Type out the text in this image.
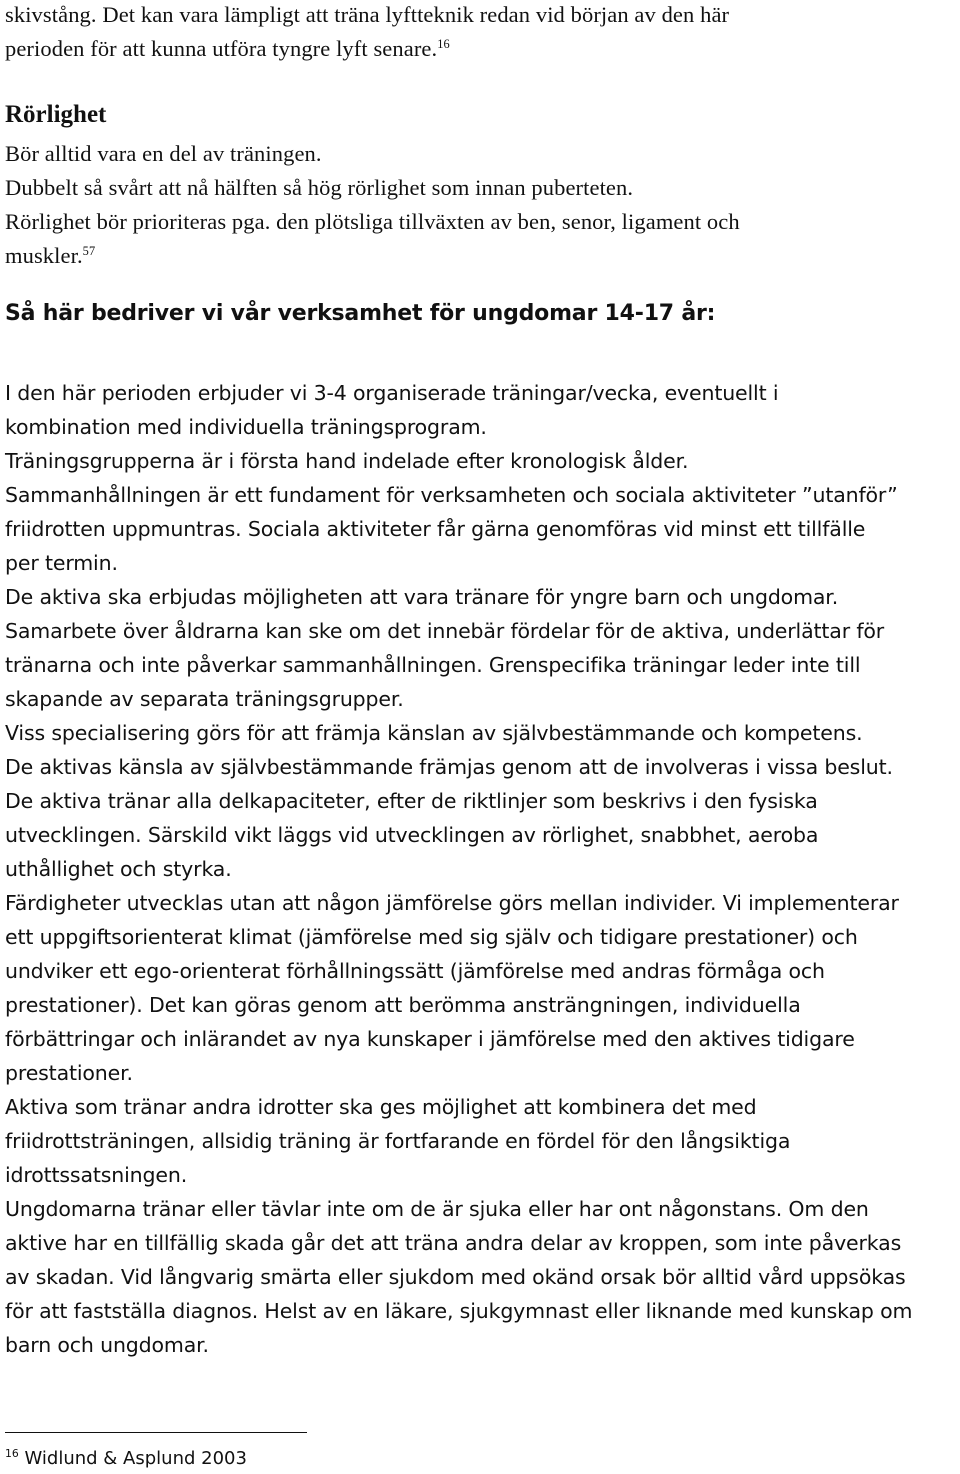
skivstång. Det kan vara lämpligt att träna lyftteknik redan vid början av den här
perioden för att kunna utföra tyngre lyft senare.$^{16}$
Rörlighet
Bör alltid vara en del av träningen.
Dubbelt så svårt att nå hälften så hög rörlighet som innan puberteten.
Rörlighet bör prioriteras pga. den plötsliga tillväxten av ben, senor, ligament och
muskler.$^{57}$
Så här bedriver vi vår verksamhet för ungdomar 14-17 år:
I den här perioden erbjuder vi 3-4 organiserade träningar/vecka, eventuellt i
kombination med individuella träningsprogram.
Träningsgrupperna är i första hand indelade efter kronologisk ålder.
Sammanhållningen är ett fundament för verksamheten och sociala aktiviteter ”utanför”
friidrotten uppmuntras. Sociala aktiviteter får gärna genomföras vid minst ett tillfälle
per termin.
De aktiva ska erbjudas möjligheten att vara tränare för yngre barn och ungdomar.
Samarbete över åldrarna kan ske om det innebär fördelar för de aktiva, underlättar för
tränarna och inte påverkar sammanhållningen. Grenspecifika träningar leder inte till
skapande av separata träningsgrupper.
Viss specialisering görs för att främja känslan av självbestämmande och kompetens.
De aktivas känsla av självbestämmande främjas genom att de involveras i vissa beslut.
De aktiva tränar alla delkapaciteter, efter de riktlinjer som beskrivs i den fysiska
utvecklingen. Särskild vikt läggs vid utvecklingen av rörlighet, snabbhet, aeroba
uthållighet och styrka.
Färdigheter utvecklas utan att någon jämförelse görs mellan individer. Vi implementerar
ett uppgiftsorienterat klimat (jämförelse med sig själv och tidigare prestationer) och
undviker ett ego-orienterat förhållningssätt (jämförelse med andras förmåga och
prestationer). Det kan göras genom att berömma ansträngningen, individuella
förbättringar och inlärandet av nya kunskaper i jämförelse med den aktives tidigare
prestationer.
Aktiva som tränar andra idrotter ska ges möjlighet att kombinera det med
friidrottsträningen, allsidig träning är fortfarande en fördel för den långsiktiga
idrottssatsningen.
Ungdomarna tränar eller tävlar inte om de är sjuka eller har ont någonstans. Om den
aktive har en tillfällig skada går det att träna andra delar av kroppen, som inte påverkas
av skadan. Vid långvarig smärta eller sjukdom med okänd orsak bör alltid vård uppsökas
för att fastställa diagnos. Helst av en läkare, sjukgymnast eller liknande med kunskap om
barn och ungdomar.
$^{16}$ Widlund & Asplund 2003
